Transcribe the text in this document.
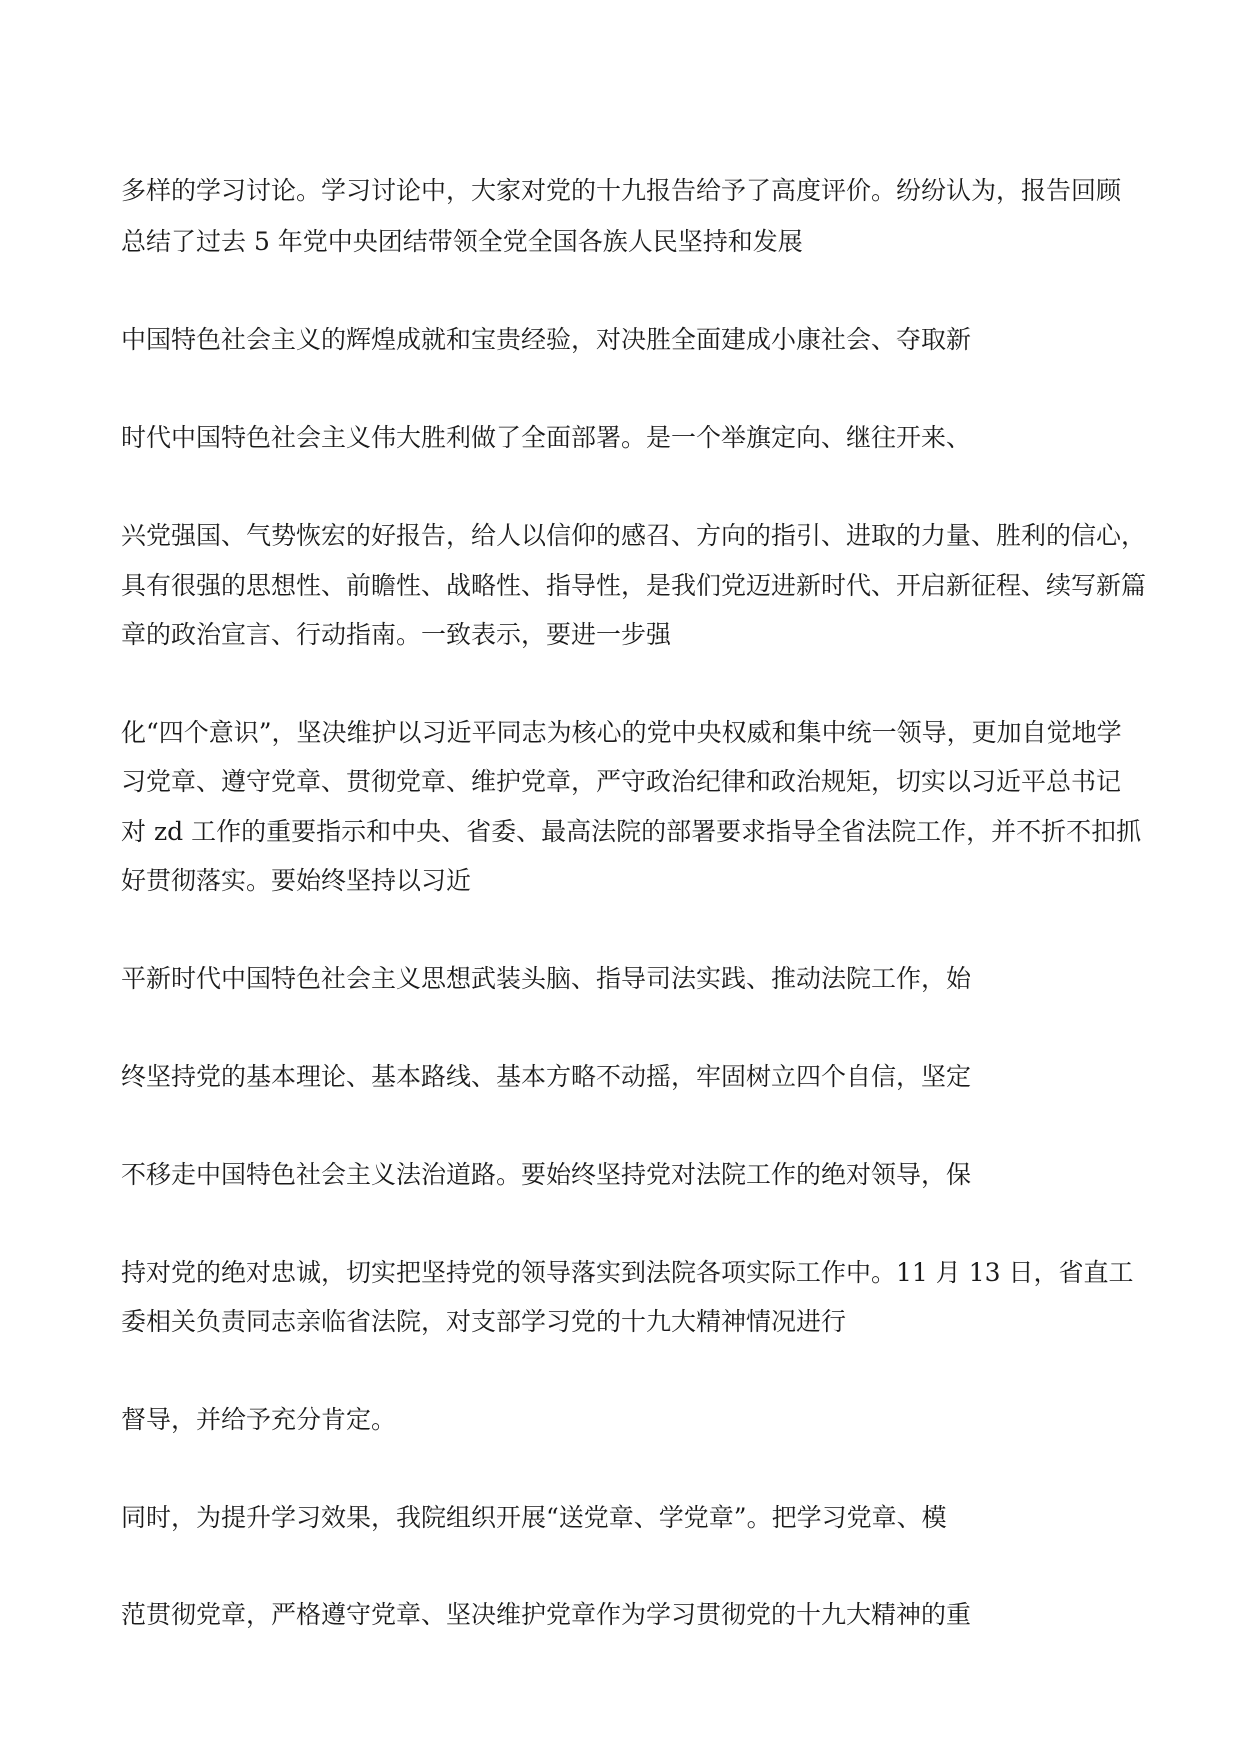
多样的学习讨论。学习讨论中，大家对党的十九报告给予了高度评价。纷纷认为，报告回顾

总结了过去 5 年党中央团结带领全党全国各族人民坚持和发展

中国特色社会主义的辉煌成就和宝贵经验，对决胜全面建成小康社会、夺取新

时代中国特色社会主义伟大胜利做了全面部署。是一个举旗定向、继往开来、

兴党强国、气势恢宏的好报告，给人以信仰的感召、方向的指引、进取的力量、胜利的信心，

具有很强的思想性、前瞻性、战略性、指导性，是我们党迈进新时代、开启新征程、续写新篇

章的政治宣言、行动指南。一致表示，要进一步强

化“四个意识”，坚决维护以习近平同志为核心的党中央权威和集中统一领导，更加自觉地学

习党章、遵守党章、贯彻党章、维护党章，严守政治纪律和政治规矩，切实以习近平总书记

对 zd 工作的重要指示和中央、省委、最高法院的部署要求指导全省法院工作，并不折不扣抓

好贯彻落实。要始终坚持以习近

平新时代中国特色社会主义思想武装头脑、指导司法实践、推动法院工作，始

终坚持党的基本理论、基本路线、基本方略不动摇，牢固树立四个自信，坚定

不移走中国特色社会主义法治道路。要始终坚持党对法院工作的绝对领导，保

持对党的绝对忠诚，切实把坚持党的领导落实到法院各项实际工作中。11 月 13 日，省直工

委相关负责同志亲临省法院，对支部学习党的十九大精神情况进行

督导，并给予充分肯定。

同时，为提升学习效果，我院组织开展“送党章、学党章”。把学习党章、模

范贯彻党章，严格遵守党章、坚决维护党章作为学习贯彻党的十九大精神的重
